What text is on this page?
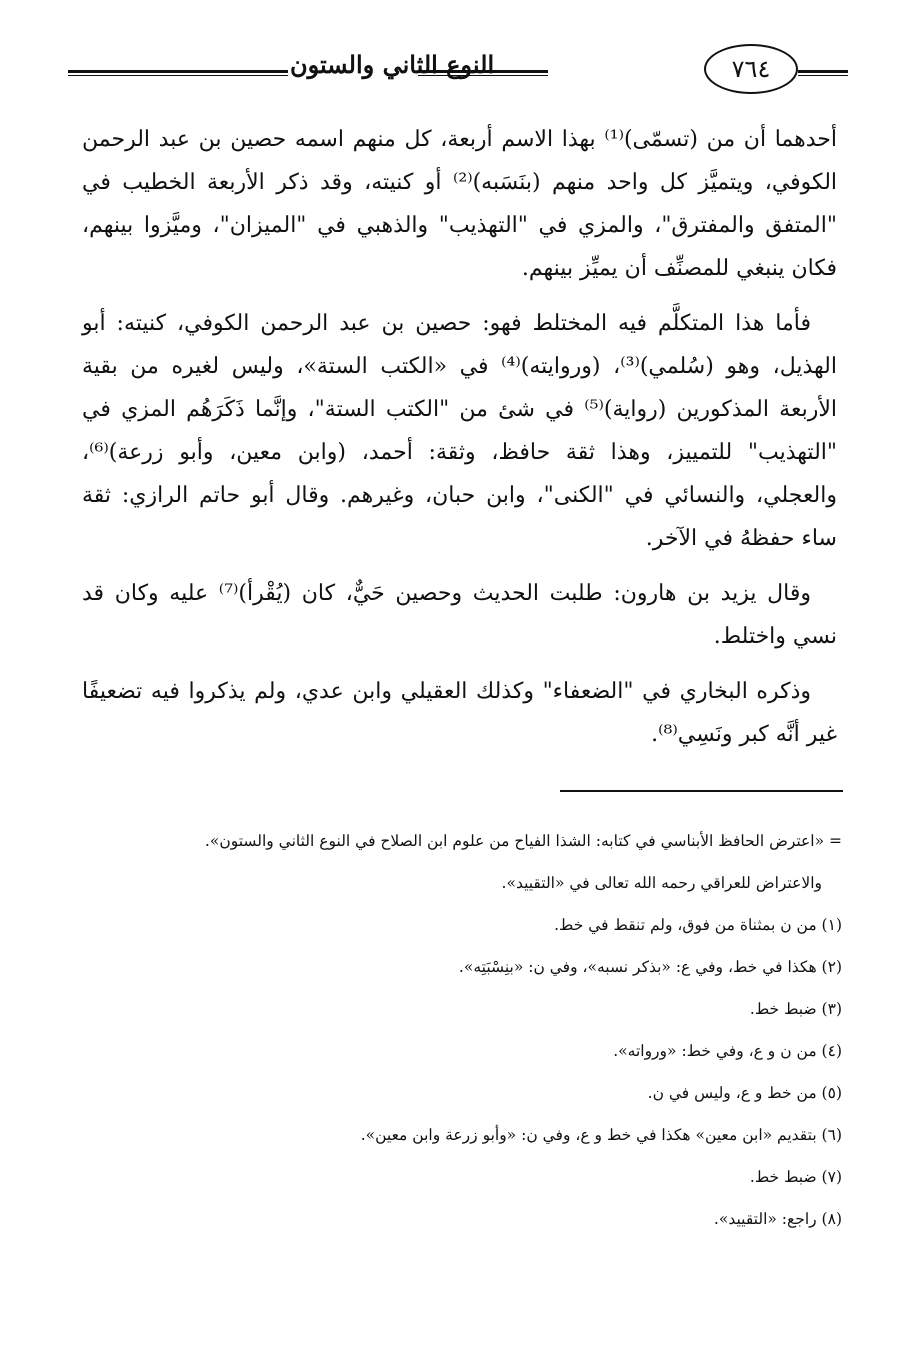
النوع الثاني والستون	٧٦٤

أحدهما أن من (تسمّى)⁽¹⁾ بهذا الاسم أربعة، كل منهم اسمه حصين بن عبد الرحمن الكوفي، ويتميَّز كل واحد منهم (بنَسَبه)⁽²⁾ أو كنيته، وقد ذكر الأربعة الخطيب في "المتفق والمفترق"، والمزي في "التهذيب" والذهبي في "الميزان"، وميَّزوا بينهم، فكان ينبغي للمصنِّف أن يميِّز بينهم.

فأما هذا المتكلَّم فيه المختلط فهو: حصين بن عبد الرحمن الكوفي، كنيته: أبو الهذيل، وهو (سُلمي)⁽³⁾، (وروايته)⁽⁴⁾ في «الكتب الستة»، وليس لغيره من بقية الأربعة المذكورين (رواية)⁽⁵⁾ في شئ من "الكتب الستة"، وإنَّما ذَكَرَهُم المزي في "التهذيب" للتمييز، وهذا ثقة حافظ، وثقة: أحمد، (وابن معين، وأبو زرعة)⁽⁶⁾، والعجلي، والنسائي في "الكنى"، وابن حبان، وغيرهم. وقال أبو حاتم الرازي: ثقة ساء حفظهُ في الآخر.

وقال يزيد بن هارون: طلبت الحديث وحصين حَيٌّ، كان (يُقْرأ)⁽⁷⁾ عليه وكان قد نسي واختلط.

وذكره البخاري في "الضعفاء" وكذلك العقيلي وابن عدي، ولم يذكروا فيه تضعيفًا غير أنَّه كبر ونَسِي⁽⁸⁾.

= «اعترض الحافظ الأبناسي في كتابه: الشذا الفياح من علوم ابن الصلاح في النوع الثاني والستون».

والاعتراض للعراقي رحمه الله تعالى في «التقييد».

(١) من ن بمثناة من فوق، ولم تنقط في خط.

(٢) هكذا في خط، وفي ع: «بذكر نسبه»، وفي ن: «بنِسْبَتِه».

(٣) ضبط خط.

(٤) من ن و ع، وفي خط: «ورواته».

(٥) من خط و ع، وليس في ن.

(٦) بتقديم «ابن معين» هكذا في خط و ع، وفي ن: «وأبو زرعة وابن معين».

(٧) ضبط خط.

(٨) راجع: «التقييد».
